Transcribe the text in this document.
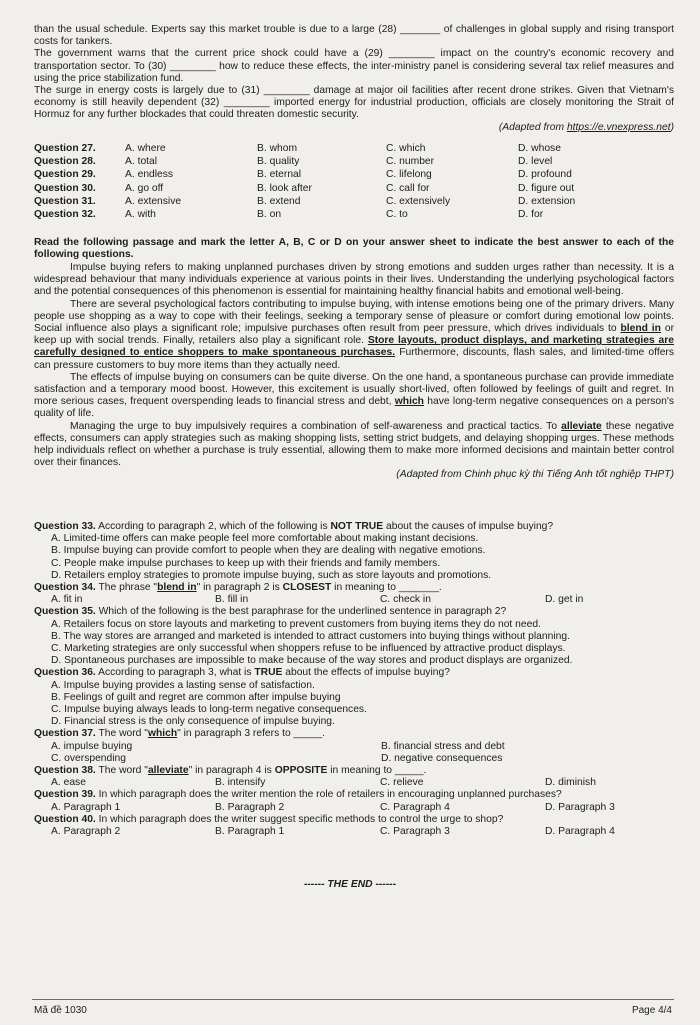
than the usual schedule. Experts say this market trouble is due to a large (28) _______ of challenges in global supply and rising transport costs for tankers.

The government warns that the current price shock could have a (29) ________ impact on the country's economic recovery and transportation sector. To (30) ________ how to reduce these effects, the inter-ministry panel is considering several tax relief measures and using the price stabilization fund.

The surge in energy costs is largely due to (31) ________ damage at major oil facilities after recent drone strikes. Given that Vietnam's economy is still heavily dependent (32) ________ imported energy for industrial production, officials are closely monitoring the Strait of Hormuz for any further blockades that could threaten domestic security.

(Adapted from https://e.vnexpress.net)

Question 27.	A. where	B. whom	C. which	D. whose
Question 28.	A. total	B. quality	C. number	D. level
Question 29.	A. endless	B. eternal	C. lifelong	D. profound
Question 30.	A. go off	B. look after	C. call for	D. figure out
Question 31.	A. extensive	B. extend	C. extensively	D. extension
Question 32.	A. with	B. on	C. to	D. for

Read the following passage and mark the letter A, B, C or D on your answer sheet to indicate the best answer to each of the following questions.

Impulse buying refers to making unplanned purchases driven by strong emotions and sudden urges rather than necessity. It is a widespread behaviour that many individuals experience at various points in their lives. Understanding the underlying psychological factors and the potential consequences of this phenomenon is essential for maintaining healthy financial habits and emotional well-being.

There are several psychological factors contributing to impulse buying, with intense emotions being one of the primary drivers. Many people use shopping as a way to cope with their feelings, seeking a temporary sense of pleasure or comfort during emotional low points. Social influence also plays a significant role; impulsive purchases often result from peer pressure, which drives individuals to blend in or keep up with social trends. Finally, retailers also play a significant role. Store layouts, product displays, and marketing strategies are carefully designed to entice shoppers to make spontaneous purchases. Furthermore, discounts, flash sales, and limited-time offers can pressure customers to buy more items than they actually need.

The effects of impulse buying on consumers can be quite diverse. On the one hand, a spontaneous purchase can provide immediate satisfaction and a temporary mood boost. However, this excitement is usually short-lived, often followed by feelings of guilt and regret. In more serious cases, frequent overspending leads to financial stress and debt, which have long-term negative consequences on a person's quality of life.

Managing the urge to buy impulsively requires a combination of self-awareness and practical tactics. To alleviate these negative effects, consumers can apply strategies such as making shopping lists, setting strict budgets, and delaying shopping urges. These methods help individuals reflect on whether a purchase is truly essential, allowing them to make more informed decisions and maintain better control over their finances.

(Adapted from Chinh phục kỳ thi Tiếng Anh tốt nghiệp THPT)

Question 33. According to paragraph 2, which of the following is NOT TRUE about the causes of impulse buying?

A. Limited-time offers can make people feel more comfortable about making instant decisions.
B. Impulse buying can provide comfort to people when they are dealing with negative emotions.
C. People make impulse purchases to keep up with their friends and family members.
D. Retailers employ strategies to promote impulse buying, such as store layouts and promotions.

Question 34. The phrase "blend in" in paragraph 2 is CLOSEST in meaning to _______.

A. fit in	B. fill in	C. check in	D. get in

Question 35. Which of the following is the best paraphrase for the underlined sentence in paragraph 2?

A. Retailers focus on store layouts and marketing to prevent customers from buying items they do not need.
B. The way stores are arranged and marketed is intended to attract customers into buying things without planning.
C. Marketing strategies are only successful when shoppers refuse to be influenced by attractive product displays.
D. Spontaneous purchases are impossible to make because of the way stores and product displays are organized.

Question 36. According to paragraph 3, what is TRUE about the effects of impulse buying?

A. Impulse buying provides a lasting sense of satisfaction.
B. Feelings of guilt and regret are common after impulse buying
C. Impulse buying always leads to long-term negative consequences.
D. Financial stress is the only consequence of impulse buying.

Question 37. The word "which" in paragraph 3 refers to _____.

A. impulse buying	B. financial stress and debt
C. overspending	D. negative consequences

Question 38. The word "alleviate" in paragraph 4 is OPPOSITE in meaning to _____.

A. ease	B. intensify	C. relieve	D. diminish

Question 39. In which paragraph does the writer mention the role of retailers in encouraging unplanned purchases?

A. Paragraph 1	B. Paragraph 2	C. Paragraph 4	D. Paragraph 3

Question 40. In which paragraph does the writer suggest specific methods to control the urge to shop?

A. Paragraph 2	B. Paragraph 1	C. Paragraph 3	D. Paragraph 4
------ THE END ------
Mã đề 1030	Page 4/4
